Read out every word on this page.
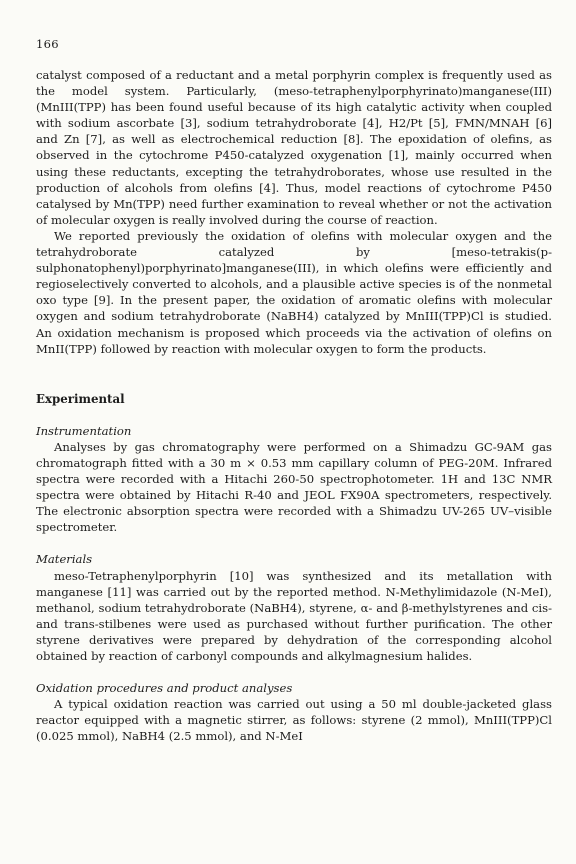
166

catalyst composed of a reductant and a metal porphyrin complex is frequently used as the model system. Particularly, (meso-tetraphenylporphyrinato)manganese(III) (MnIII(TPP) has been found useful because of its high catalytic activity when coupled with sodium ascorbate [3], sodium tetrahydroborate [4], H2/Pt [5], FMN/MNAH [6] and Zn [7], as well as electrochemical reduction [8]. The epoxidation of olefins, as observed in the cytochrome P450-catalyzed oxygenation [1], mainly occurred when using these reductants, excepting the tetrahydroborates, whose use resulted in the production of alcohols from olefins [4]. Thus, model reactions of cytochrome P450 catalysed by Mn(TPP) need further examination to reveal whether or not the activation of molecular oxygen is really involved during the course of reaction.

We reported previously the oxidation of olefins with molecular oxygen and the tetrahydroborate catalyzed by [meso-tetrakis(p-sulphonatophenyl)porphyrinato]manganese(III), in which olefins were efficiently and regioselectively converted to alcohols, and a plausible active species is of the nonmetal oxo type [9]. In the present paper, the oxidation of aromatic olefins with molecular oxygen and sodium tetrahydroborate (NaBH4) catalyzed by MnIII(TPP)Cl is studied. An oxidation mechanism is proposed which proceeds via the activation of olefins on MnII(TPP) followed by reaction with molecular oxygen to form the products.

Experimental

Instrumentation

Analyses by gas chromatography were performed on a Shimadzu GC-9AM gas chromatograph fitted with a 30 m × 0.53 mm capillary column of PEG-20M. Infrared spectra were recorded with a Hitachi 260-50 spectrophotometer. 1H and 13C NMR spectra were obtained by Hitachi R-40 and JEOL FX90A spectrometers, respectively. The electronic absorption spectra were recorded with a Shimadzu UV-265 UV–visible spectrometer.

Materials

meso-Tetraphenylporphyrin [10] was synthesized and its metallation with manganese [11] was carried out by the reported method. N-Methylimidazole (N-MeI), methanol, sodium tetrahydroborate (NaBH4), styrene, α- and β-methylstyrenes and cis- and trans-stilbenes were used as purchased without further purification. The other styrene derivatives were prepared by dehydration of the corresponding alcohol obtained by reaction of carbonyl compounds and alkylmagnesium halides.

Oxidation procedures and product analyses

A typical oxidation reaction was carried out using a 50 ml double-jacketed glass reactor equipped with a magnetic stirrer, as follows: styrene (2 mmol), MnIII(TPP)Cl (0.025 mmol), NaBH4 (2.5 mmol), and N-MeI
